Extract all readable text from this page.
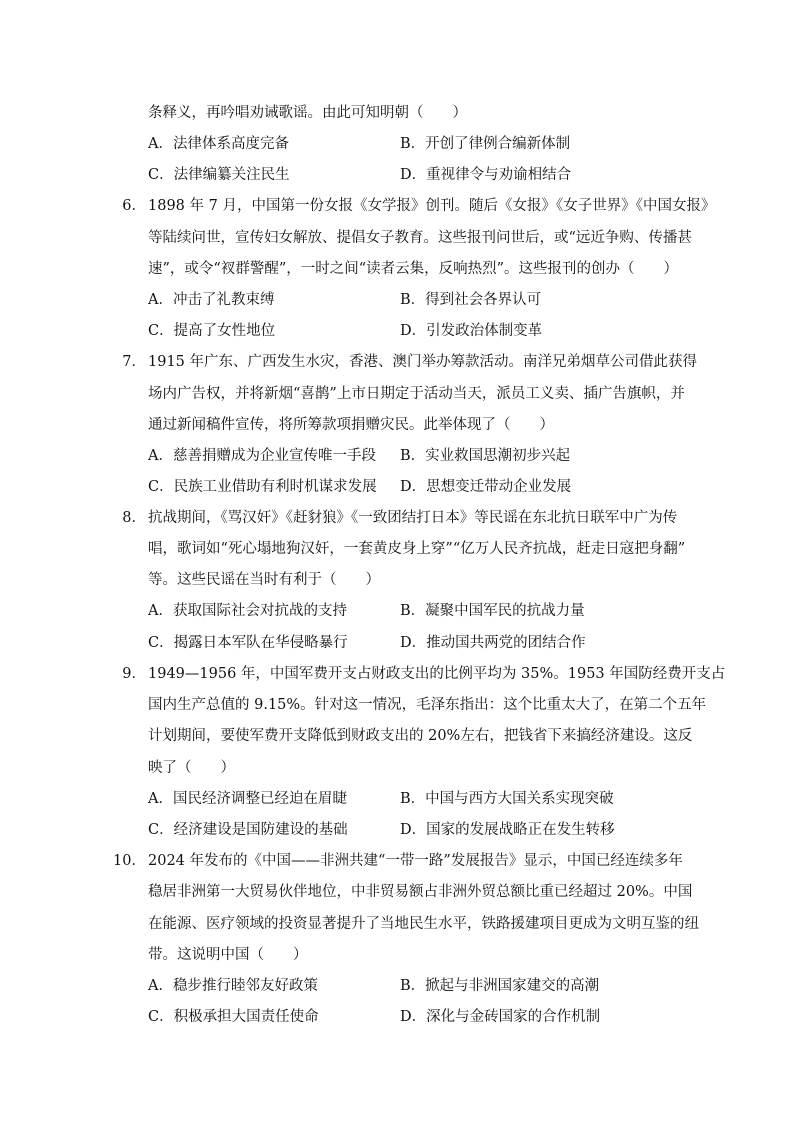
条释义，再吟唱劝诫歌谣。由此可知明朝（　　）
A．法律体系高度完备	B．开创了律例合编新体制
C．法律编纂关注民生	D．重视律令与劝谕相结合
6． 1898 年 7 月，中国第一份女报《女学报》创刊。随后《女报》《女子世界》《中国女报》
等陆续问世，宣传妇女解放、提倡女子教育。这些报刊问世后，或“远近争购、传播甚
速”，或令“衩群警醒”，一时之间“读者云集，反响热烈”。这些报刊的创办（　　）
A．冲击了礼教束缚	B．得到社会各界认可
C．提高了女性地位	D．引发政治体制变革
7． 1915 年广东、广西发生水灾，香港、澳门举办筹款活动。南洋兄弟烟草公司借此获得
场内广告权，并将新烟“喜鹊”上市日期定于活动当天，派员工义卖、插广告旗帜，并
通过新闻稿件宣传，将所筹款项捐赠灾民。此举体现了（　　）
A．慈善捐赠成为企业宣传唯一手段 B．实业救国思潮初步兴起
C．民族工业借助有利时机谋求发展 D．思想变迁带动企业发展
8． 抗战期间，《骂汉奸》《赶豺狼》《一致团结打日本》等民谣在东北抗日联军中广为传
唱，歌词如“死心塌地狗汉奸，一套黄皮身上穿”“亿万人民齐抗战，赶走日寇把身翻”
等。这些民谣在当时有利于（　　）
A．获取国际社会对抗战的支持	B．凝聚中国军民的抗战力量
C．揭露日本军队在华侵略暴行	D．推动国共两党的团结合作
9． 1949—1956 年，中国军费开支占财政支出的比例平均为 35%。1953 年国防经费开支占
国内生产总值的 9.15%。针对这一情况，毛泽东指出：这个比重太大了，在第二个五年
计划期间，要使军费开支降低到财政支出的 20%左右，把钱省下来搞经济建设。这反
映了（　　）
A．国民经济调整已经迫在眉睫	B．中国与西方大国关系实现突破
C．经济建设是国防建设的基础	D．国家的发展战略正在发生转移
10． 2024 年发布的《中国——非洲共建“一带一路”发展报告》显示，中国已经连续多年
稳居非洲第一大贸易伙伴地位，中非贸易额占非洲外贸总额比重已经超过 20%。中国
在能源、医疗领域的投资显著提升了当地民生水平，铁路援建项目更成为文明互鉴的纽
带。这说明中国（　　）
A．稳步推行睦邻友好政策	B．掀起与非洲国家建交的高潮
C．积极承担大国责任使命	D．深化与金砖国家的合作机制
